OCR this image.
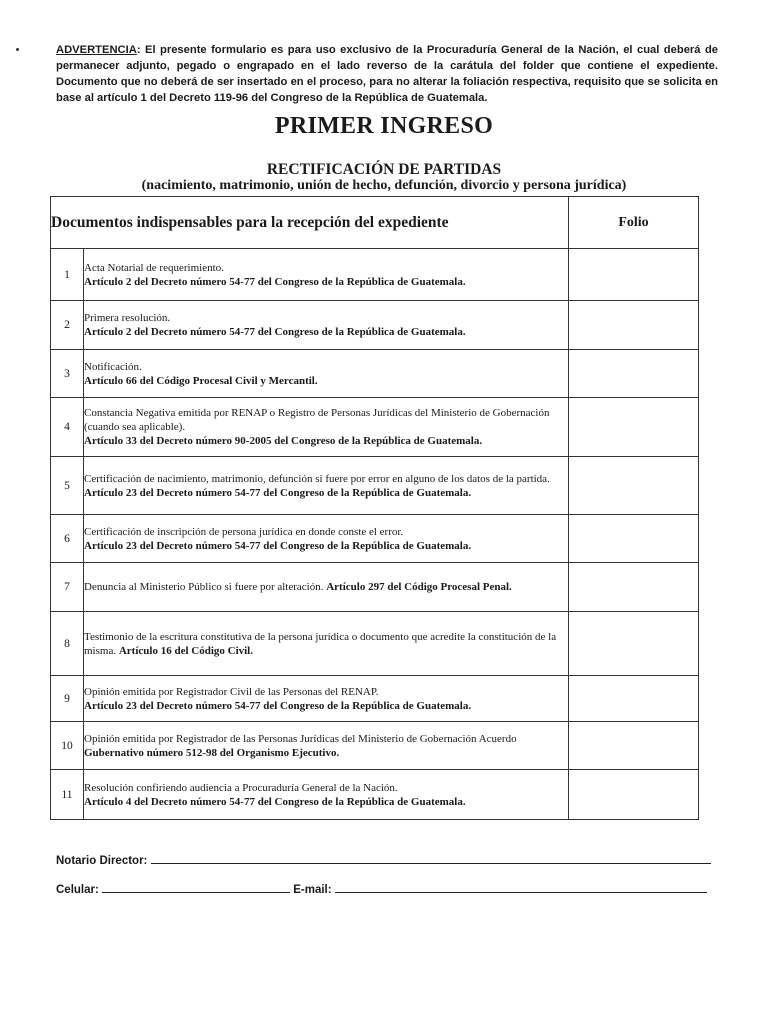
ADVERTENCIA: El presente formulario es para uso exclusivo de la Procuraduría General de la Nación, el cual deberá de permanecer adjunto, pegado o engrapado en el lado reverso de la carátula del folder que contiene el expediente. Documento que no deberá de ser insertado en el proceso, para no alterar la foliación respectiva, requisito que se solicita en base al artículo 1 del Decreto 119-96 del Congreso de la República de Guatemala.
PRIMER INGRESO
RECTIFICACIÓN DE PARTIDAS
(nacimiento, matrimonio, unión de hecho, defunción, divorcio y persona jurídica)
Documentos indispensables para la recepción del expediente		Folio
1	Acta Notarial de requerimiento.
Artículo 2 del Decreto número 54-77 del Congreso de la República de Guatemala.	
2	Primera resolución.
Artículo 2 del Decreto número 54-77 del Congreso de la República de Guatemala.	
3	Notificación.
Artículo 66 del Código Procesal Civil y Mercantil.	
4	Constancia Negativa emitida por RENAP o Registro de Personas Jurídicas del Ministerio de Gobernación (cuando sea aplicable).
Artículo 33 del Decreto número 90-2005 del Congreso de la República de Guatemala.	
5	Certificación de nacimiento, matrimonio, defunción si fuere por error en alguno de los datos de la partida.
Artículo 23 del Decreto número 54-77 del Congreso de la República de Guatemala.	
6	Certificación de inscripción de persona jurídica en donde conste el error.
Artículo 23 del Decreto número 54-77 del Congreso de la República de Guatemala.	
7	Denuncia al Ministerio Público si fuere por alteración. Artículo 297 del Código Procesal Penal.	
8	Testimonio de la escritura constitutiva de la persona jurídica o documento que acredite la constitución de la misma. Artículo 16 del Código Civil.	
9	Opinión emitida por Registrador Civil de las Personas del RENAP.
Artículo 23 del Decreto número 54-77 del Congreso de la República de Guatemala.	
10	Opinión emitida por Registrador de las Personas Jurídicas del Ministerio de Gobernación Acuerdo Gubernativo número 512-98 del Organismo Ejecutivo.	
11	Resolución confiriendo audiencia a Procuraduría General de la Nación.
Artículo 4 del Decreto número 54-77 del Congreso de la República de Guatemala.	
Notario Director:
Celular:	E-mail:
